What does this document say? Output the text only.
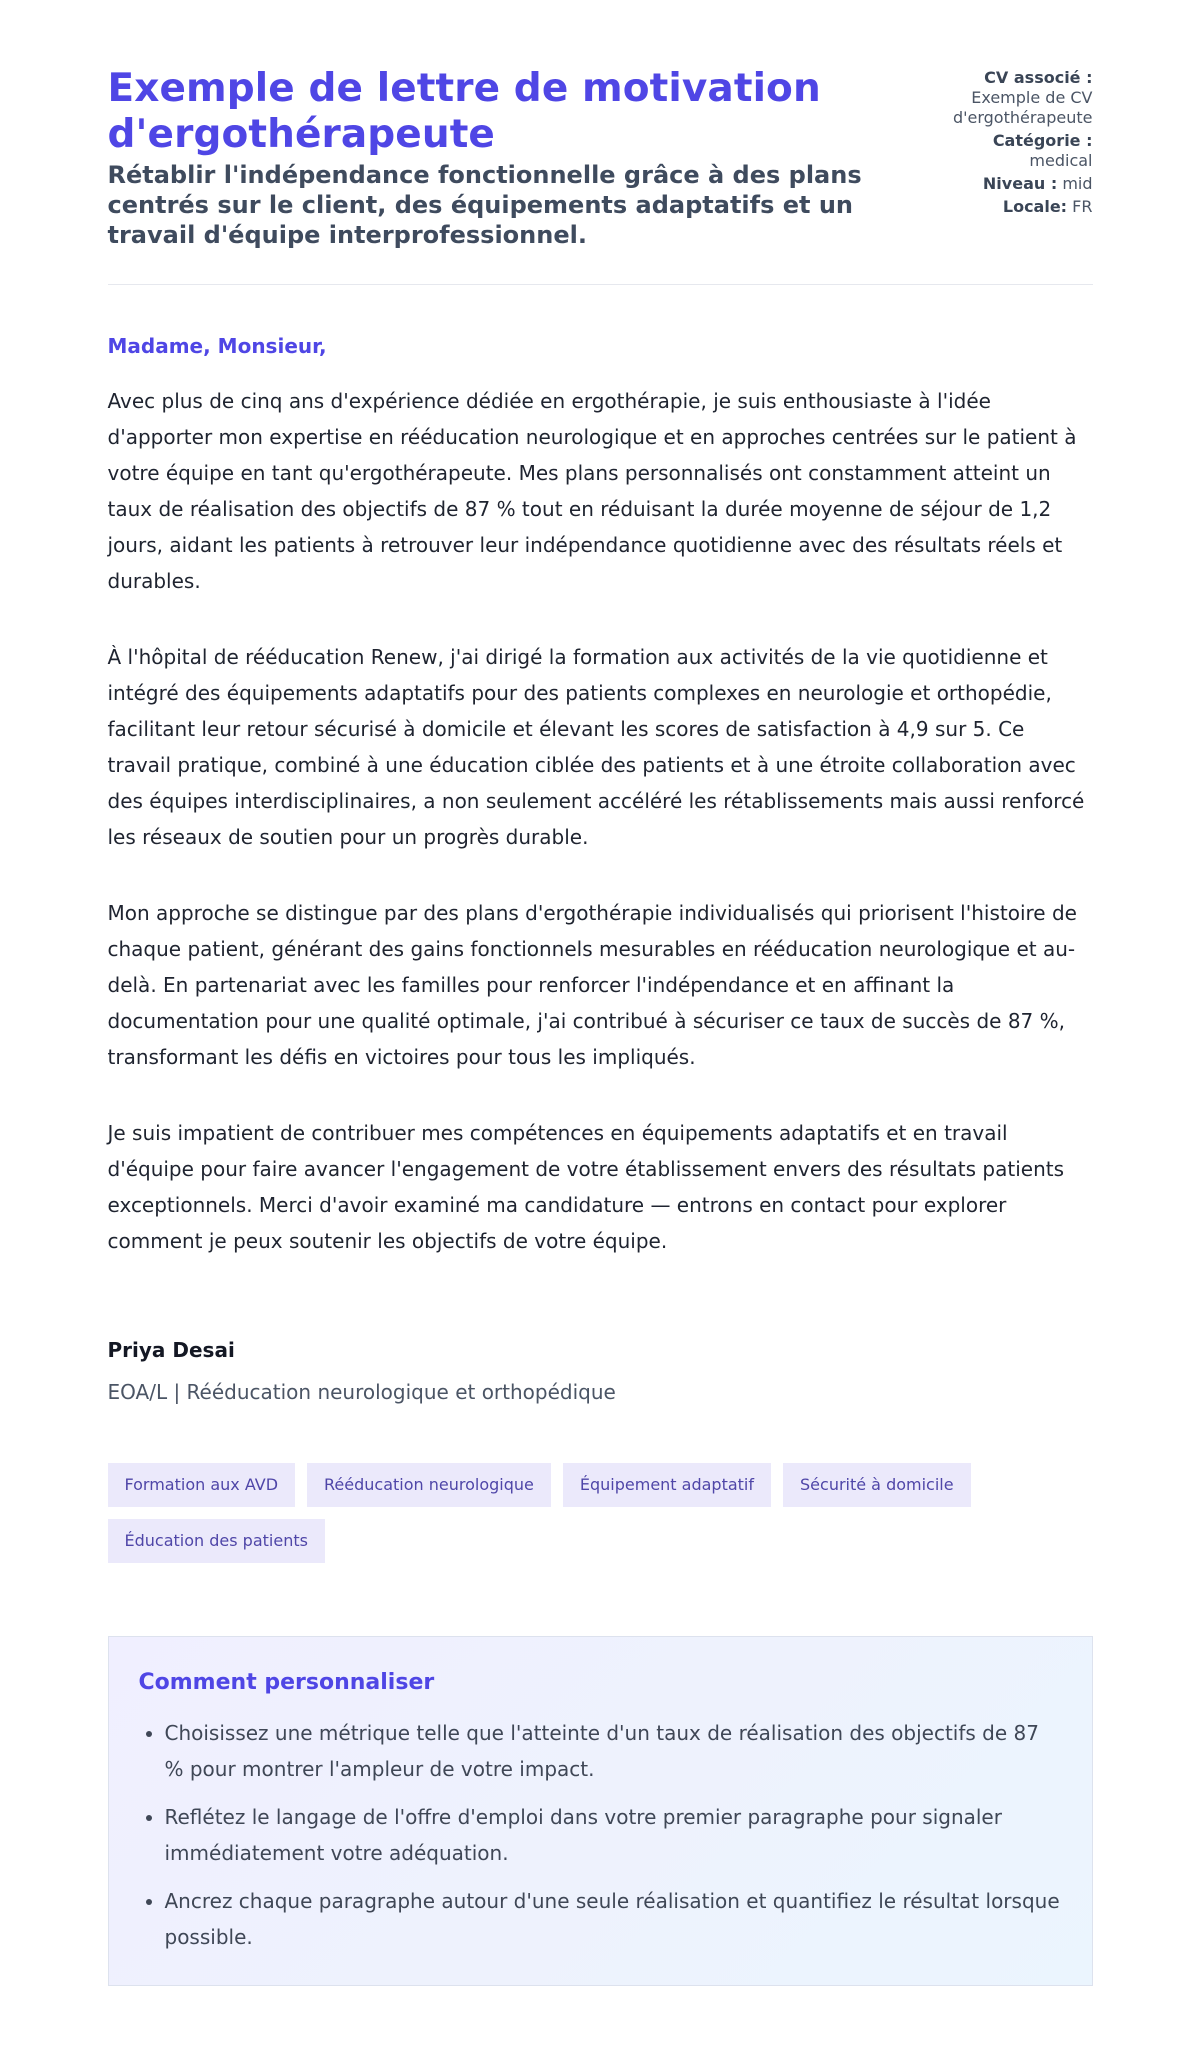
Exemple de lettre de motivation d'ergothérapeute
Rétablir l'indépendance fonctionnelle grâce à des plans centrés sur le client, des équipements adaptatifs et un travail d'équipe interprofessionnel.
CV associé :
Exemple de CV d'ergothérapeute
Catégorie :
medical
Niveau : mid
Locale: FR

Madame, Monsieur,

Avec plus de cinq ans d'expérience dédiée en ergothérapie, je suis enthousiaste à l'idée d'apporter mon expertise en rééducation neurologique et en approches centrées sur le patient à votre équipe en tant qu'ergothérapeute. Mes plans personnalisés ont constamment atteint un taux de réalisation des objectifs de 87 % tout en réduisant la durée moyenne de séjour de 1,2 jours, aidant les patients à retrouver leur indépendance quotidienne avec des résultats réels et durables.

À l'hôpital de rééducation Renew, j'ai dirigé la formation aux activités de la vie quotidienne et intégré des équipements adaptatifs pour des patients complexes en neurologie et orthopédie, facilitant leur retour sécurisé à domicile et élevant les scores de satisfaction à 4,9 sur 5. Ce travail pratique, combiné à une éducation ciblée des patients et à une étroite collaboration avec des équipes interdisciplinaires, a non seulement accéléré les rétablissements mais aussi renforcé les réseaux de soutien pour un progrès durable.

Mon approche se distingue par des plans d'ergothérapie individualisés qui priorisent l'histoire de chaque patient, générant des gains fonctionnels mesurables en rééducation neurologique et au-delà. En partenariat avec les familles pour renforcer l'indépendance et en affinant la documentation pour une qualité optimale, j'ai contribué à sécuriser ce taux de succès de 87 %, transformant les défis en victoires pour tous les impliqués.

Je suis impatient de contribuer mes compétences en équipements adaptatifs et en travail d'équipe pour faire avancer l'engagement de votre établissement envers des résultats patients exceptionnels. Merci d'avoir examiné ma candidature — entrons en contact pour explorer comment je peux soutenir les objectifs de votre équipe.

Priya Desai
EOA/L | Rééducation neurologique et orthopédique
Formation aux AVD	Rééducation neurologique	Équipement adaptatif	Sécurité à domicile
Éducation des patients
Comment personnaliser
• Choisissez une métrique telle que l'atteinte d'un taux de réalisation des objectifs de 87 % pour montrer l'ampleur de votre impact.
• Reflétez le langage de l'offre d'emploi dans votre premier paragraphe pour signaler immédiatement votre adéquation.
• Ancrez chaque paragraphe autour d'une seule réalisation et quantifiez le résultat lorsque possible.
